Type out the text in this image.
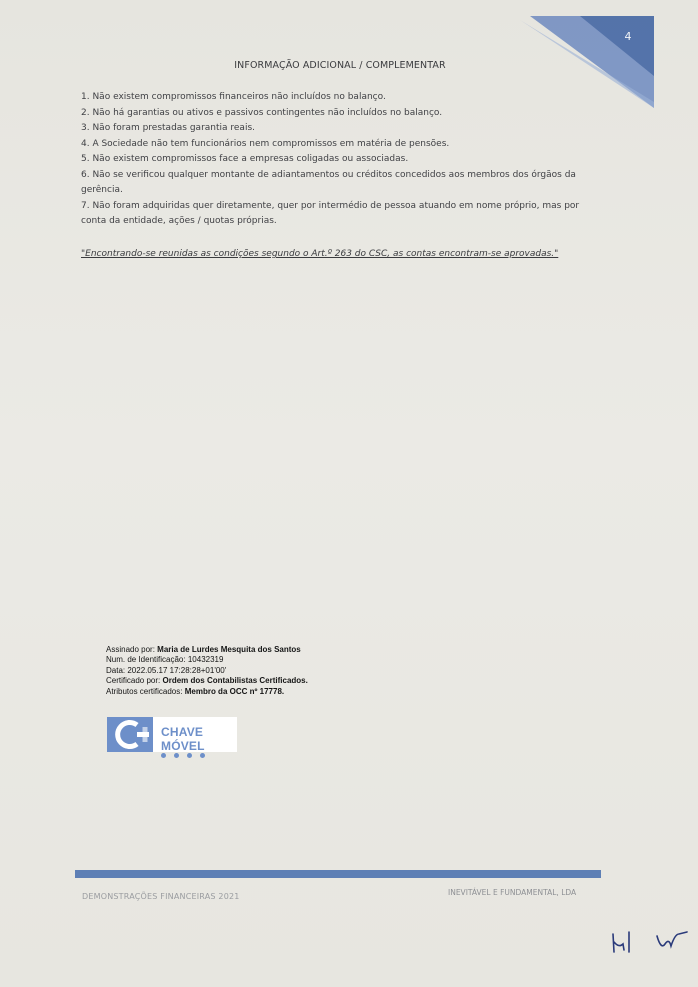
4
INFORMAÇÃO ADICIONAL / COMPLEMENTAR
1. Não existem compromissos financeiros não incluídos no balanço.
2. Não há garantias ou ativos e passivos contingentes não incluídos no balanço.
3. Não foram prestadas garantia reais.
4. A Sociedade não tem funcionários nem compromissos em matéria de pensões.
5. Não existem compromissos face a empresas coligadas ou associadas.
6. Não se verificou qualquer montante de adiantamentos ou créditos concedidos aos membros dos órgãos da gerência.
7. Não foram adquiridas quer diretamente, quer por intermédio de pessoa atuando em nome próprio, mas por conta da entidade, ações / quotas próprias.
"Encontrando-se reunidas as condições segundo o Art.º 263 do CSC, as contas encontram-se aprovadas."
Assinado por: Maria de Lurdes Mesquita dos Santos
Num. de Identificação: 10432319
Data: 2022.05.17 17:28:28+01'00'
Certificado por: Ordem dos Contabilistas Certificados.
Atributos certificados: Membro da OCC nº 17778.
CHAVE MÓVEL
DEMONSTRAÇÕES FINANCEIRAS 2021	INEVITÁVEL E FUNDAMENTAL, LDA
